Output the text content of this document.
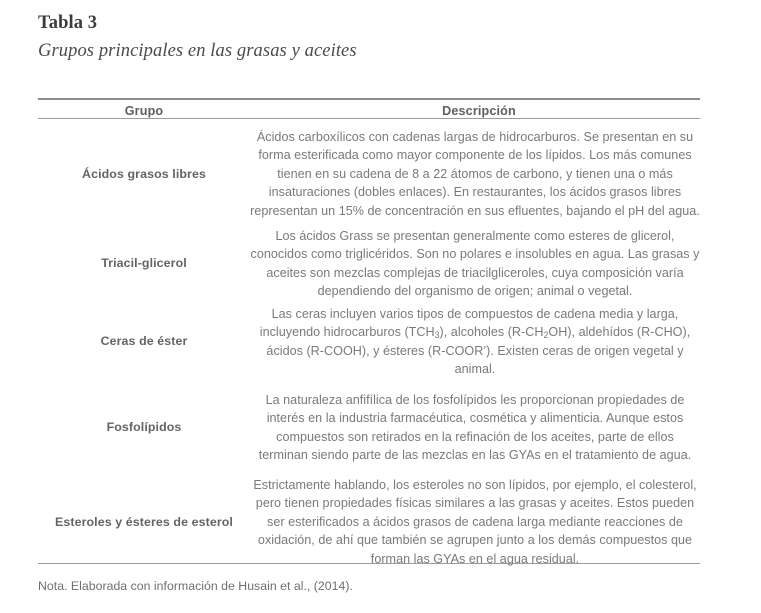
Tabla 3
Grupos principales en las grasas y aceites
Grupo	Descripción
Ácidos grasos libres	Ácidos carboxílicos con cadenas largas de hidrocarburos. Se presentan en su forma esterificada como mayor componente de los lípidos. Los más comunes tienen en su cadena de 8 a 22 átomos de carbono, y tienen una o más insaturaciones (dobles enlaces). En restaurantes, los ácidos grasos libres representan un 15% de concentración en sus efluentes, bajando el pH del agua.
Triacil-glicerol	Los ácidos Grass se presentan generalmente como esteres de glicerol, conocidos como triglicéridos. Son no polares e insolubles en agua. Las grasas y aceites son mezclas complejas de triacilgliceroles, cuya composición varía dependiendo del organismo de origen; animal o vegetal.
Ceras de éster	Las ceras incluyen varios tipos de compuestos de cadena media y larga, incluyendo hidrocarburos $(TCH_3)$, alcoholes $(R-CH_2OH)$, aldehídos (R-CHO), ácidos (R-COOH), y ésteres (R-COOR’). Existen ceras de origen vegetal y animal.
Fosfolípidos	La naturaleza anfifílica de los fosfolípidos les proporcionan propiedades de interés en la industria farmacéutica, cosmética y alimenticia. Aunque estos compuestos son retirados en la refinación de los aceites, parte de ellos terminan siendo parte de las mezclas en las GYAs en el tratamiento de agua.
Esteroles y ésteres de esterol	Estrictamente hablando, los esteroles no son lípidos, por ejemplo, el colesterol, pero tienen propiedades físicas similares a las grasas y aceites. Estos pueden ser esterificados a ácidos grasos de cadena larga mediante reacciones de oxidación, de ahí que también se agrupen junto a los demás compuestos que forman las GYAs en el agua residual.
Nota. Elaborada con información de Husain et al., (2014).
